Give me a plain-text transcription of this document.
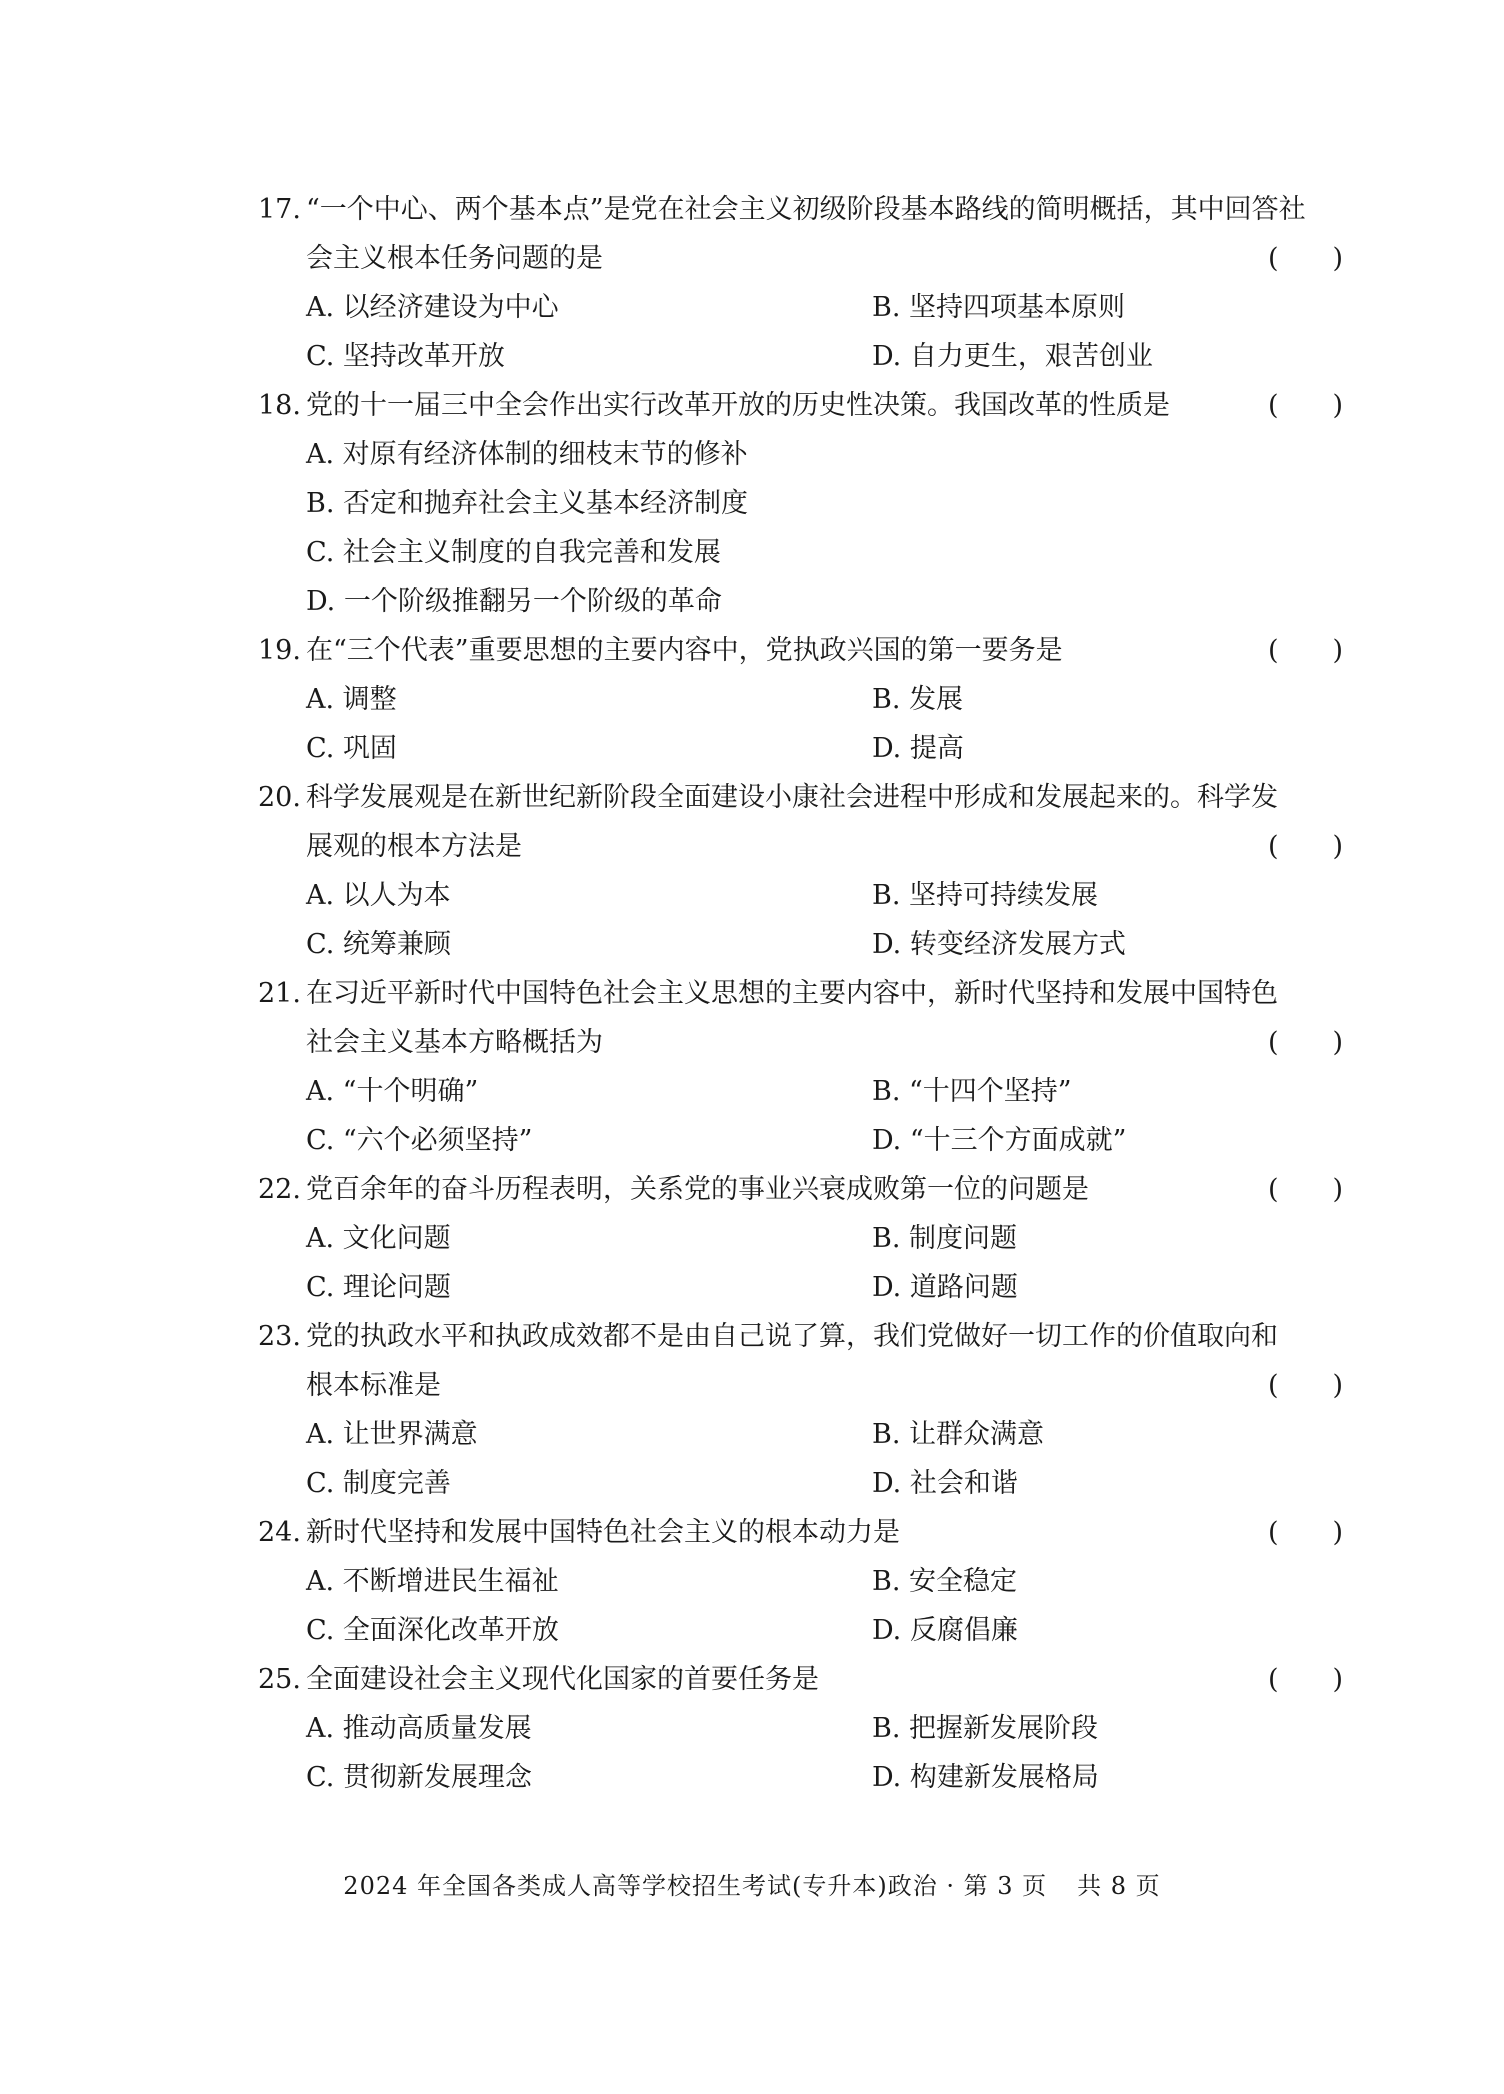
17. “一个中心、两个基本点”是党在社会主义初级阶段基本路线的简明概括，其中回答社
会主义根本任务问题的是	(　　)
A. 以经济建设为中心	B. 坚持四项基本原则
C. 坚持改革开放	D. 自力更生，艰苦创业
18. 党的十一届三中全会作出实行改革开放的历史性决策。我国改革的性质是	(　　)
A. 对原有经济体制的细枝末节的修补
B. 否定和抛弃社会主义基本经济制度
C. 社会主义制度的自我完善和发展
D. 一个阶级推翻另一个阶级的革命
19. 在“三个代表”重要思想的主要内容中，党执政兴国的第一要务是	(　　)
A. 调整	B. 发展
C. 巩固	D. 提高
20. 科学发展观是在新世纪新阶段全面建设小康社会进程中形成和发展起来的。科学发
展观的根本方法是	(　　)
A. 以人为本	B. 坚持可持续发展
C. 统筹兼顾	D. 转变经济发展方式
21. 在习近平新时代中国特色社会主义思想的主要内容中，新时代坚持和发展中国特色
社会主义基本方略概括为	(　　)
A. “十个明确”	B. “十四个坚持”
C. “六个必须坚持”	D. “十三个方面成就”
22. 党百余年的奋斗历程表明，关系党的事业兴衰成败第一位的问题是	(　　)
A. 文化问题	B. 制度问题
C. 理论问题	D. 道路问题
23. 党的执政水平和执政成效都不是由自己说了算，我们党做好一切工作的价值取向和
根本标准是	(　　)
A. 让世界满意	B. 让群众满意
C. 制度完善	D. 社会和谐
24. 新时代坚持和发展中国特色社会主义的根本动力是	(　　)
A. 不断增进民生福祉	B. 安全稳定
C. 全面深化改革开放	D. 反腐倡廉
25. 全面建设社会主义现代化国家的首要任务是	(　　)
A. 推动高质量发展	B. 把握新发展阶段
C. 贯彻新发展理念	D. 构建新发展格局
2024 年全国各类成人高等学校招生考试(专升本)政治 · 第 3 页 共 8 页
